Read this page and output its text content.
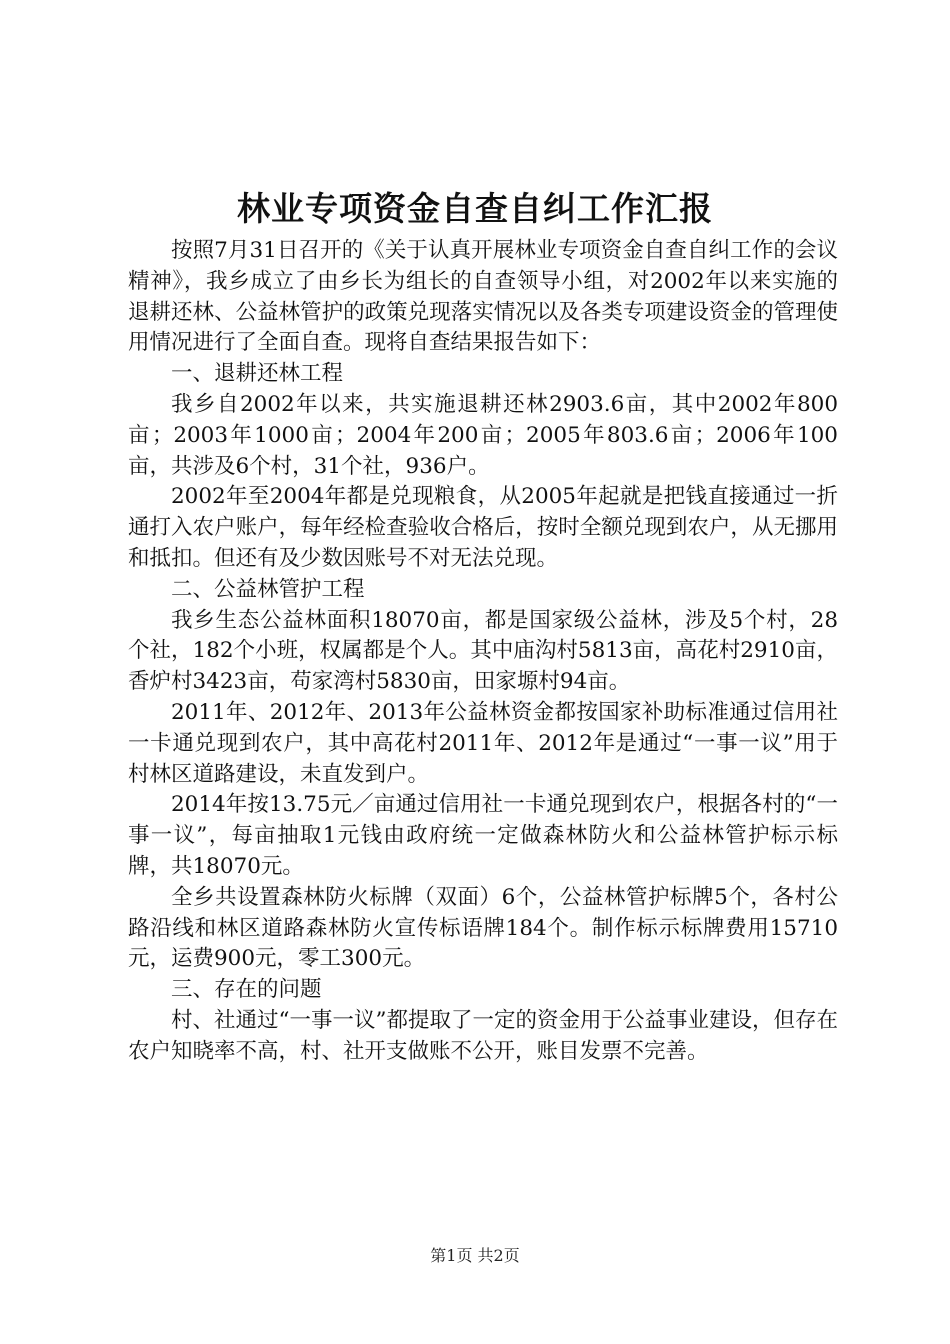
林业专项资金自查自纠工作汇报

按照7月31日召开的《关于认真开展林业专项资金自查自纠工作的会议精神》，我乡成立了由乡长为组长的自查领导小组，对2002年以来实施的退耕还林、公益林管护的政策兑现落实情况以及各类专项建设资金的管理使用情况进行了全面自查。现将自查结果报告如下：

一、退耕还林工程

我乡自2002年以来，共实施退耕还林2903.6亩，其中2002年800亩；2003年1000亩；2004年200亩；2005年803.6亩；2006年100亩，共涉及6个村，31个社，936户。

2002年至2004年都是兑现粮食，从2005年起就是把钱直接通过一折通打入农户账户，每年经检查验收合格后，按时全额兑现到农户，从无挪用和抵扣。但还有及少数因账号不对无法兑现。

二、公益林管护工程

我乡生态公益林面积18070亩，都是国家级公益林，涉及5个村，28个社，182个小班，权属都是个人。其中庙沟村5813亩，高花村2910亩，香炉村3423亩，苟家湾村5830亩，田家塬村94亩。

2011年、2012年、2013年公益林资金都按国家补助标准通过信用社一卡通兑现到农户，其中高花村2011年、2012年是通过“一事一议”用于村林区道路建设，未直发到户。

2014年按13.75元／亩通过信用社一卡通兑现到农户，根据各村的“一事一议”，每亩抽取1元钱由政府统一定做森林防火和公益林管护标示标牌，共18070元。

全乡共设置森林防火标牌（双面）6个，公益林管护标牌5个，各村公路沿线和林区道路森林防火宣传标语牌184个。制作标示标牌费用15710元，运费900元，零工300元。

三、存在的问题

村、社通过“一事一议”都提取了一定的资金用于公益事业建设，但存在农户知晓率不高，村、社开支做账不公开，账目发票不完善。

第1页 共2页
